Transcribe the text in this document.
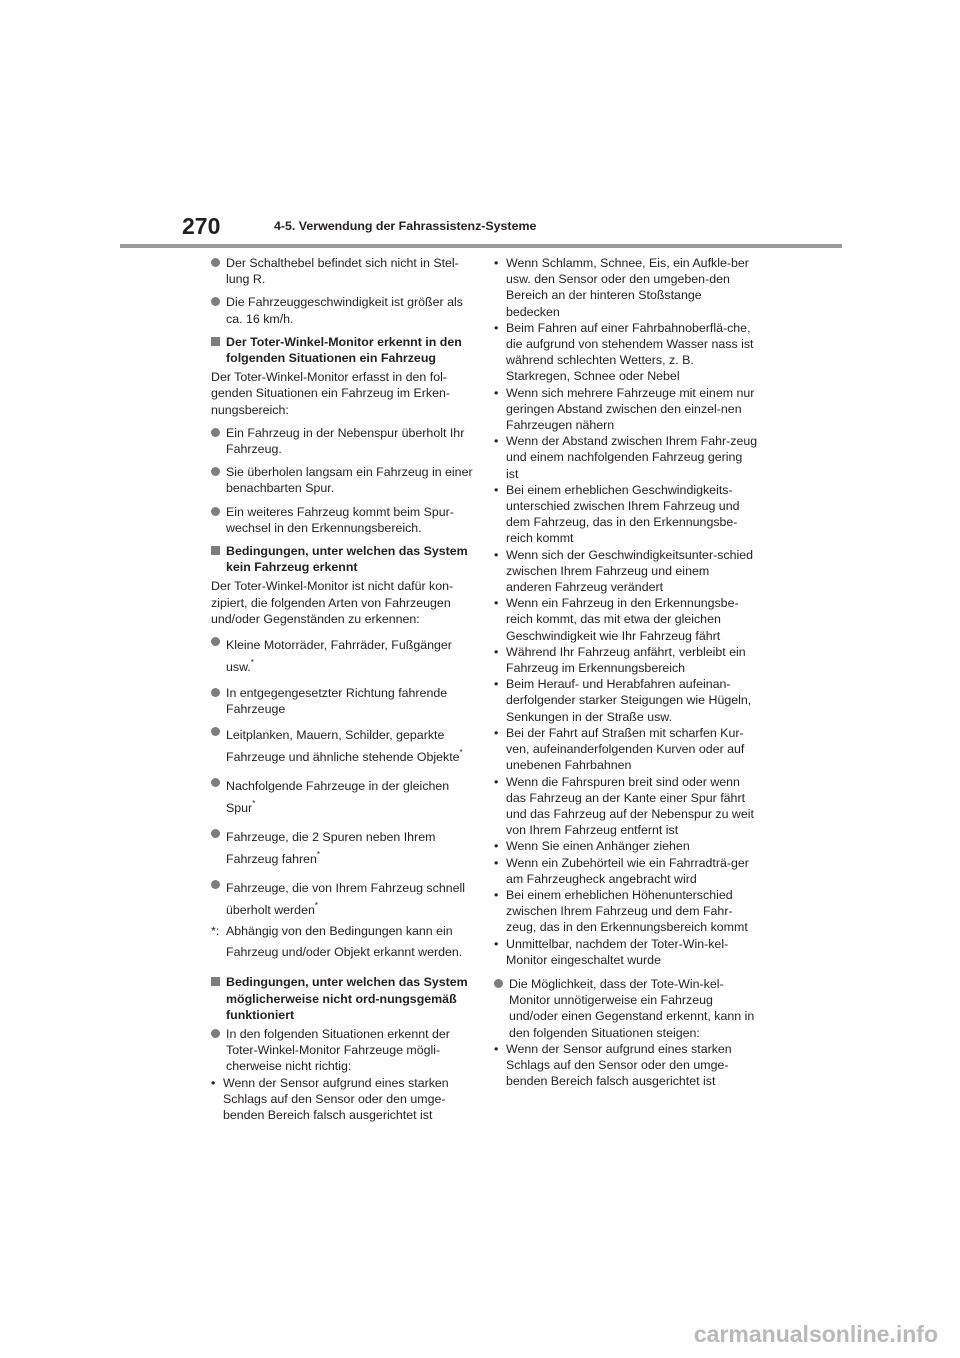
270	4-5. Verwendung der Fahrassistenz-Systeme
Der Schalthebel befindet sich nicht in Stel-lung R.
Die Fahrzeuggeschwindigkeit ist größer als ca. 16 km/h.
Der Toter-Winkel-Monitor erkennt in den folgenden Situationen ein Fahrzeug

Der Toter-Winkel-Monitor erfasst in den fol-genden Situationen ein Fahrzeug im Erken-nungsbereich:

Ein Fahrzeug in der Nebenspur überholt Ihr Fahrzeug.
Sie überholen langsam ein Fahrzeug in einer benachbarten Spur.
Ein weiteres Fahrzeug kommt beim Spur-wechsel in den Erkennungsbereich.
Bedingungen, unter welchen das System kein Fahrzeug erkennt

Der Toter-Winkel-Monitor ist nicht dafür kon-zipiert, die folgenden Arten von Fahrzeugen und/oder Gegenständen zu erkennen:

Kleine Motorräder, Fahrräder, Fußgänger usw.*
In entgegengesetzter Richtung fahrende Fahrzeuge
Leitplanken, Mauern, Schilder, geparkte Fahrzeuge und ähnliche stehende Objekte*
Nachfolgende Fahrzeuge in der gleichen Spur*
Fahrzeuge, die 2 Spuren neben Ihrem Fahrzeug fahren*
Fahrzeuge, die von Ihrem Fahrzeug schnell überholt werden*
*: Abhängig von den Bedingungen kann ein Fahrzeug und/oder Objekt erkannt werden.
Bedingungen, unter welchen das System möglicherweise nicht ord-nungsgemäß funktioniert
In den folgenden Situationen erkennt der Toter-Winkel-Monitor Fahrzeuge mögli-cherweise nicht richtig:
• Wenn der Sensor aufgrund eines starken Schlags auf den Sensor oder den umge-benden Bereich falsch ausgerichtet ist
• Wenn Schlamm, Schnee, Eis, ein Aufkle-ber usw. den Sensor oder den umgeben-den Bereich an der hinteren Stoßstange bedecken
• Beim Fahren auf einer Fahrbahnoberflä-che, die aufgrund von stehendem Wasser nass ist während schlechten Wetters, z. B. Starkregen, Schnee oder Nebel
• Wenn sich mehrere Fahrzeuge mit einem nur geringen Abstand zwischen den einzel-nen Fahrzeugen nähern
• Wenn der Abstand zwischen Ihrem Fahr-zeug und einem nachfolgenden Fahrzeug gering ist
• Bei einem erheblichen Geschwindigkeits-unterschied zwischen Ihrem Fahrzeug und dem Fahrzeug, das in den Erkennungsbe-reich kommt
• Wenn sich der Geschwindigkeitsunter-schied zwischen Ihrem Fahrzeug und einem anderen Fahrzeug verändert
• Wenn ein Fahrzeug in den Erkennungsbe-reich kommt, das mit etwa der gleichen Geschwindigkeit wie Ihr Fahrzeug fährt
• Während Ihr Fahrzeug anfährt, verbleibt ein Fahrzeug im Erkennungsbereich
• Beim Herauf- und Herabfahren aufeinan-derfolgender starker Steigungen wie Hügeln, Senkungen in der Straße usw.
• Bei der Fahrt auf Straßen mit scharfen Kur-ven, aufeinanderfolgenden Kurven oder auf unebenen Fahrbahnen
• Wenn die Fahrspuren breit sind oder wenn das Fahrzeug an der Kante einer Spur fährt und das Fahrzeug auf der Nebenspur zu weit von Ihrem Fahrzeug entfernt ist
• Wenn Sie einen Anhänger ziehen
• Wenn ein Zubehörteil wie ein Fahrradträ-ger am Fahrzeugheck angebracht wird
• Bei einem erheblichen Höhenunterschied zwischen Ihrem Fahrzeug und dem Fahr-zeug, das in den Erkennungsbereich kommt
• Unmittelbar, nachdem der Toter-Win-kel-Monitor eingeschaltet wurde
Die Möglichkeit, dass der Tote-Win-kel-Monitor unnötigerweise ein Fahrzeug und/oder einen Gegenstand erkennt, kann in den folgenden Situationen steigen:
• Wenn der Sensor aufgrund eines starken Schlags auf den Sensor oder den umge-benden Bereich falsch ausgerichtet ist
carmanualsonline.info
